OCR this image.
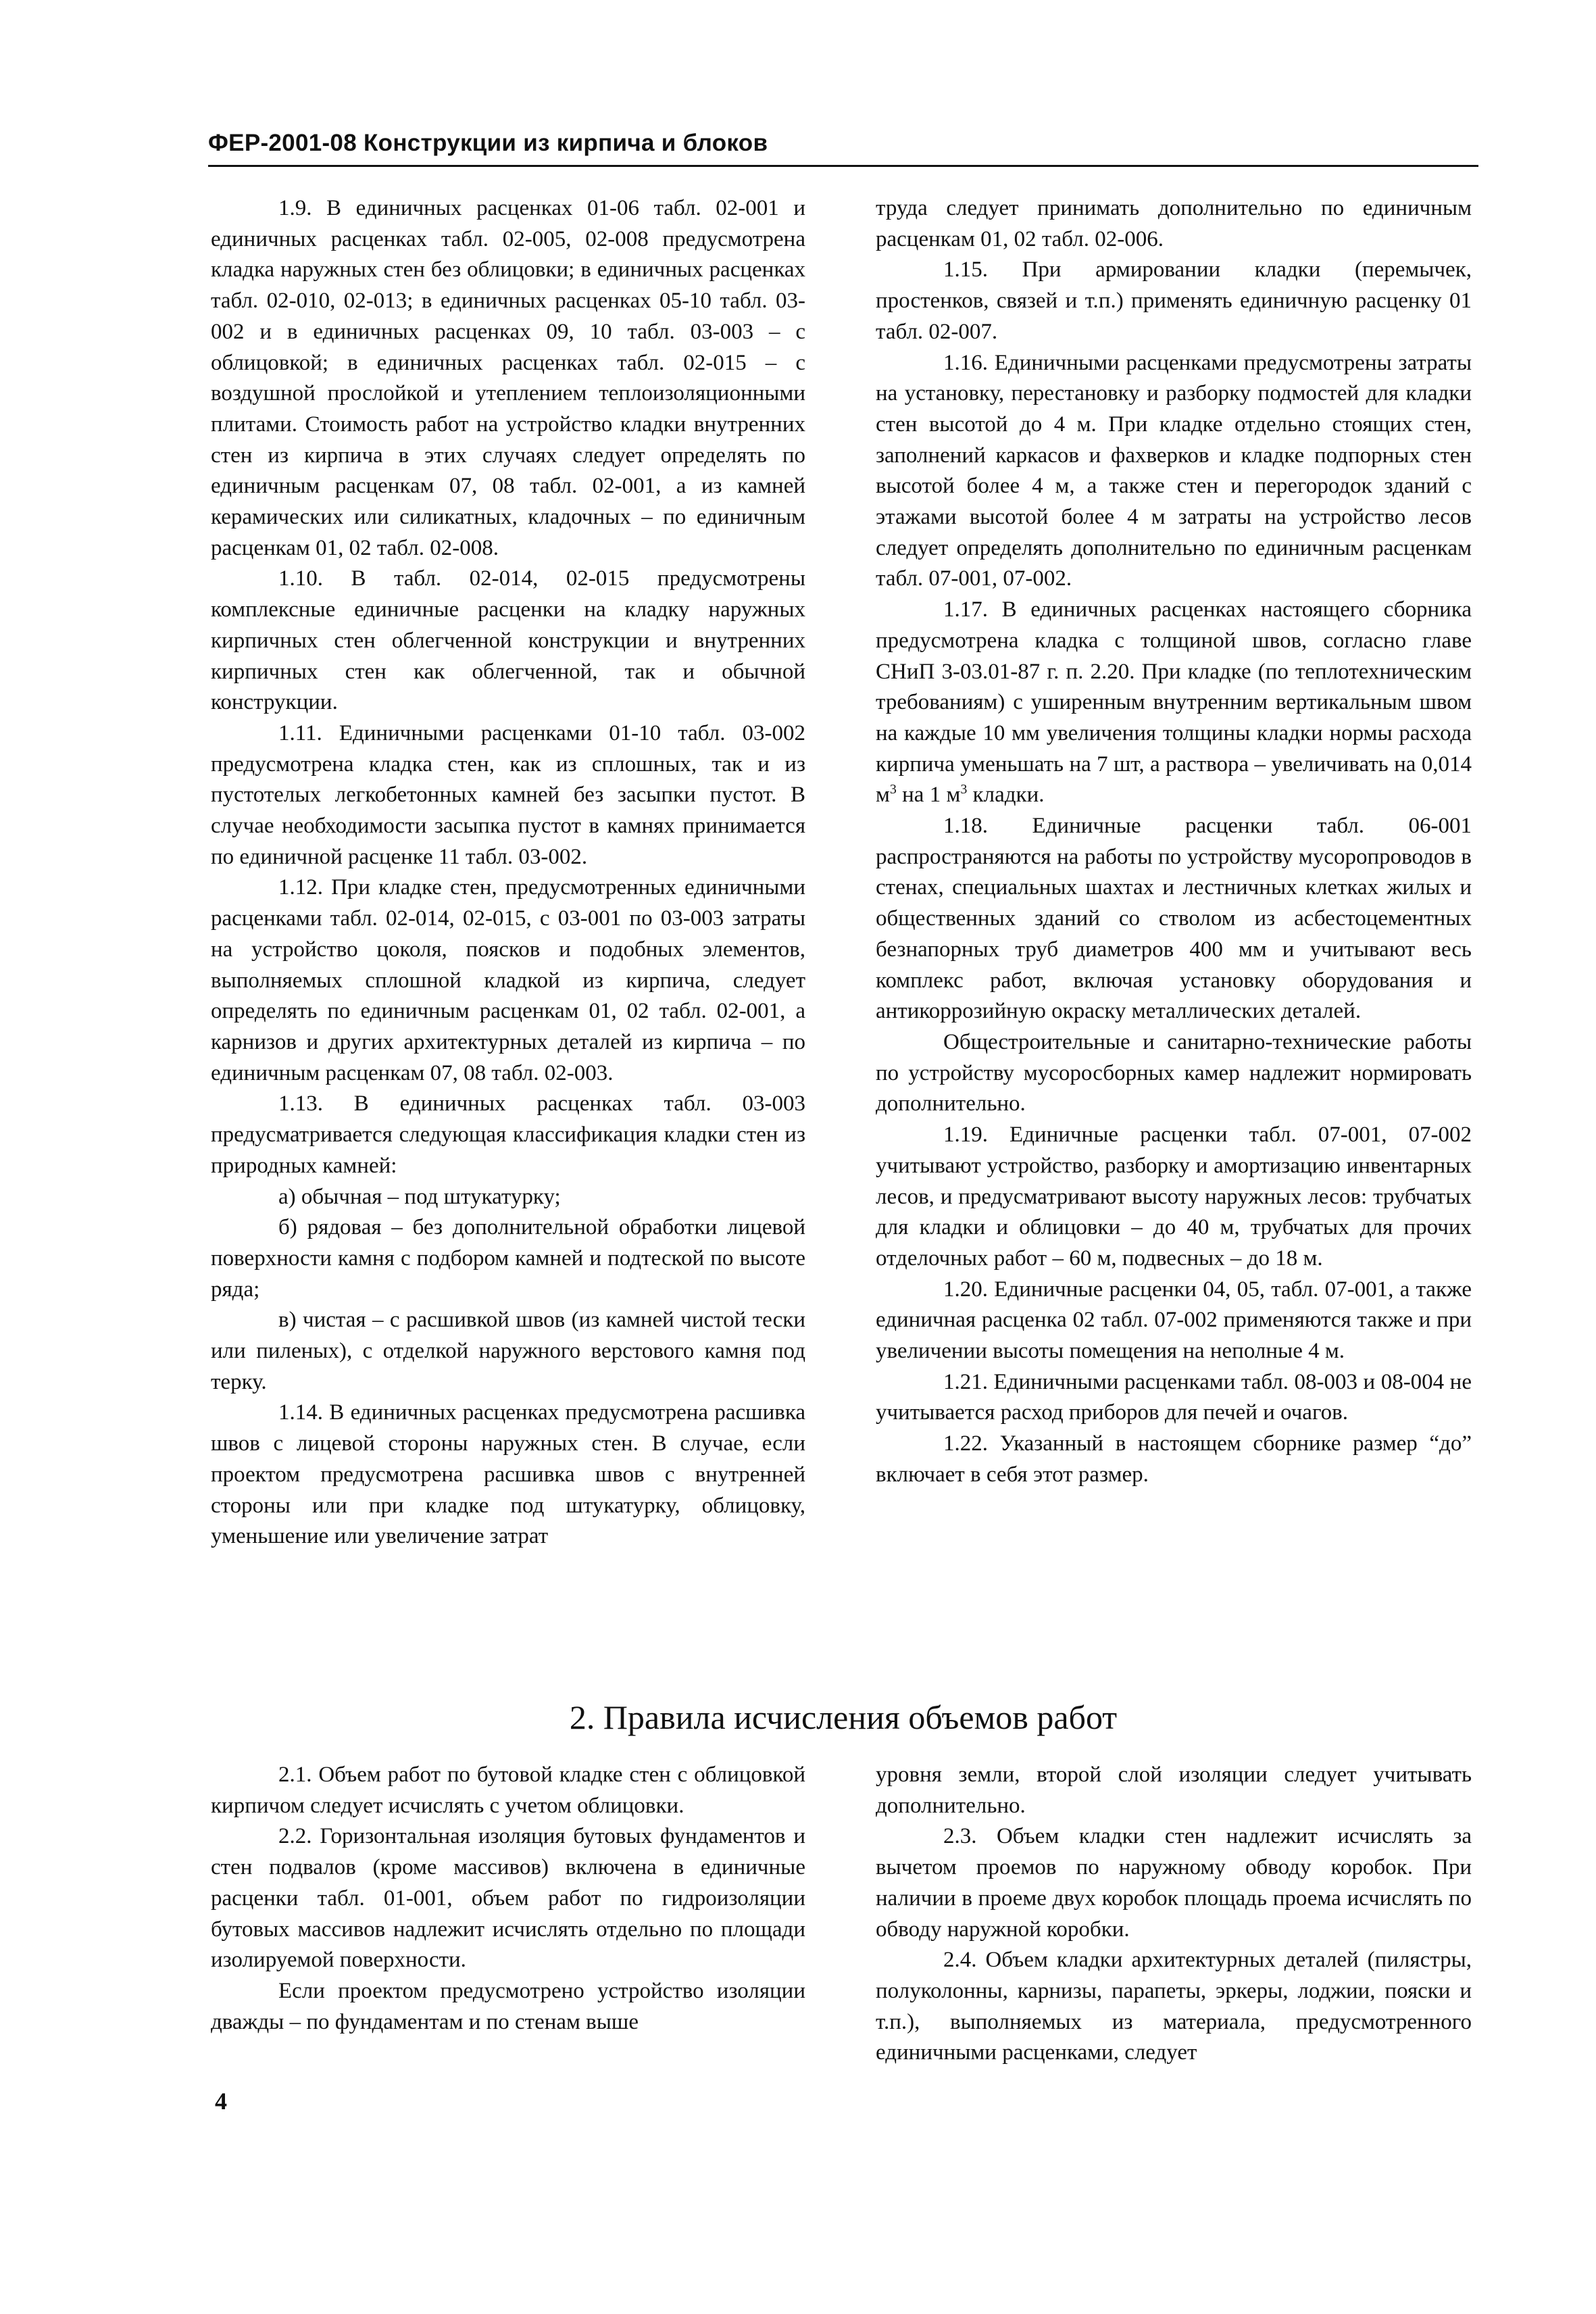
ФЕР-2001-08 Конструкции из кирпича и блоков

1.9. В единичных расценках 01-06 табл. 02-001 и единичных расценках табл. 02-005, 02-008 предусмотрена кладка наружных стен без облицовки; в единичных расценках табл. 02-010, 02-013; в единичных расценках 05-10 табл. 03-002 и в единичных расценках 09, 10 табл. 03-003 – с облицовкой; в единичных расценках табл. 02-015 – с воздушной прослойкой и утеплением теплоизоляционными плитами. Стоимость работ на устройство кладки внутренних стен из кирпича в этих случаях следует определять по единичным расценкам 07, 08 табл. 02-001, а из камней керамических или силикатных, кладочных – по единичным расценкам 01, 02 табл. 02-008.

1.10. В табл. 02-014, 02-015 предусмотрены комплексные единичные расценки на кладку наружных кирпичных стен облегченной конструкции и внутренних кирпичных стен как облегченной, так и обычной конструкции.

1.11. Единичными расценками 01-10 табл. 03-002 предусмотрена кладка стен, как из сплошных, так и из пустотелых легкобетонных камней без засыпки пустот. В случае необходимости засыпка пустот в камнях принимается по единичной расценке 11 табл. 03-002.

1.12. При кладке стен, предусмотренных единичными расценками табл. 02-014, 02-015, с 03-001 по 03-003 затраты на устройство цоколя, поясков и подобных элементов, выполняемых сплошной кладкой из кирпича, следует определять по единичным расценкам 01, 02 табл. 02-001, а карнизов и других архитектурных деталей из кирпича – по единичным расценкам 07, 08 табл. 02-003.

1.13. В единичных расценках табл. 03-003 предусматривается следующая классификация кладки стен из природных камней:

а) обычная – под штукатурку;

б) рядовая – без дополнительной обработки лицевой поверхности камня с подбором камней и подтеской по высоте ряда;

в) чистая – с расшивкой швов (из камней чистой тески или пиленых), с отделкой наружного верстового камня под терку.

1.14. В единичных расценках предусмотрена расшивка швов с лицевой стороны наружных стен. В случае, если проектом предусмотрена расшивка швов с внутренней стороны или при кладке под штукатурку, облицовку, уменьшение или увеличение затрат

труда следует принимать дополнительно по единичным расценкам 01, 02 табл. 02-006.

1.15. При армировании кладки (перемычек, простенков, связей и т.п.) применять единичную расценку 01 табл. 02-007.

1.16. Единичными расценками предусмотрены затраты на установку, перестановку и разборку подмостей для кладки стен высотой до 4 м. При кладке отдельно стоящих стен, заполнений каркасов и фахверков и кладке подпорных стен высотой более 4 м, а также стен и перегородок зданий с этажами высотой более 4 м затраты на устройство лесов следует определять дополнительно по единичным расценкам табл. 07-001, 07-002.

1.17. В единичных расценках настоящего сборника предусмотрена кладка с толщиной швов, согласно главе СНиП 3-03.01-87 г. п. 2.20. При кладке (по теплотехническим требованиям) с уширенным внутренним вертикальным швом на каждые 10 мм увеличения толщины кладки нормы расхода кирпича уменьшать на 7 шт, а раствора – увеличивать на 0,014 $м^3$ на 1 $м^3$ кладки.

1.18. Единичные расценки табл. 06-001 распространяются на работы по устройству мусоропроводов в стенах, специальных шахтах и лестничных клетках жилых и общественных зданий со стволом из асбестоцементных безнапорных труб диаметров 400 мм и учитывают весь комплекс работ, включая установку оборудования и антикоррозийную окраску металлических деталей.

Общестроительные и санитарно-технические работы по устройству мусоросборных камер надлежит нормировать дополнительно.

1.19. Единичные расценки табл. 07-001, 07-002 учитывают устройство, разборку и амортизацию инвентарных лесов, и предусматривают высоту наружных лесов: трубчатых для кладки и облицовки – до 40 м, трубчатых для прочих отделочных работ – 60 м, подвесных – до 18 м.

1.20. Единичные расценки 04, 05, табл. 07-001, а также единичная расценка 02 табл. 07-002 применяются также и при увеличении высоты помещения на неполные 4 м.

1.21. Единичными расценками табл. 08-003 и 08-004 не учитывается расход приборов для печей и очагов.

1.22. Указанный в настоящем сборнике размер “до” включает в себя этот размер.

2. Правила исчисления объемов работ

2.1. Объем работ по бутовой кладке стен с облицовкой кирпичом следует исчислять с учетом облицовки.

2.2. Горизонтальная изоляция бутовых фундаментов и стен подвалов (кроме массивов) включена в единичные расценки табл. 01-001, объем работ по гидроизоляции бутовых массивов надлежит исчислять отдельно по площади изолируемой поверхности.

Если проектом предусмотрено устройство изоляции дважды – по фундаментам и по стенам выше

уровня земли, второй слой изоляции следует учитывать дополнительно.

2.3. Объем кладки стен надлежит исчислять за вычетом проемов по наружному обводу коробок. При наличии в проеме двух коробок площадь проема исчислять по обводу наружной коробки.

2.4. Объем кладки архитектурных деталей (пилястры, полуколонны, карнизы, парапеты, эркеры, лоджии, пояски и т.п.), выполняемых из материала, предусмотренного единичными расценками, следует

4
